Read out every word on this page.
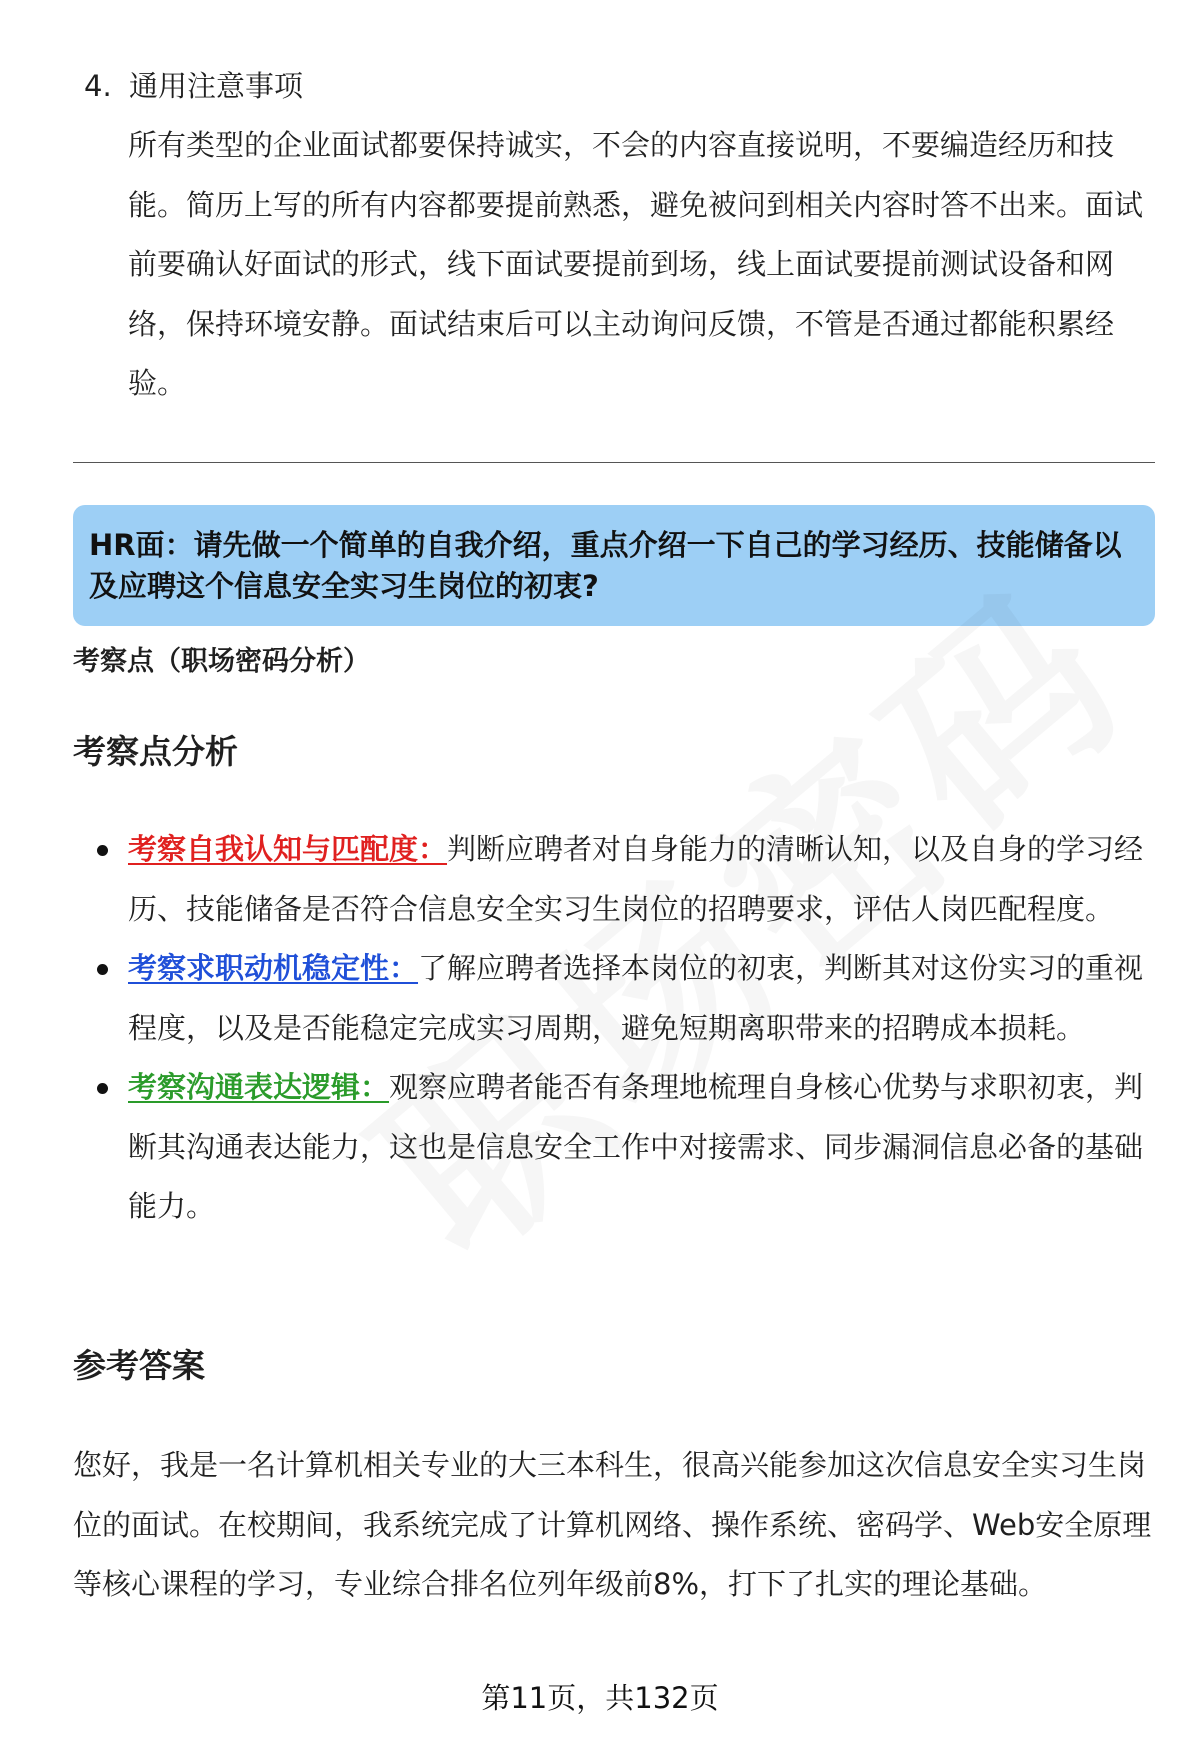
4. 通用注意事项

所有类型的企业面试都要保持诚实，不会的内容直接说明，不要编造经历和技能。简历上写的所有内容都要提前熟悉，避免被问到相关内容时答不出来。面试前要确认好面试的形式，线下面试要提前到场，线上面试要提前测试设备和网络，保持环境安静。面试结束后可以主动询问反馈，不管是否通过都能积累经验。

HR面：请先做一个简单的自我介绍，重点介绍一下自己的学习经历、技能储备以及应聘这个信息安全实习生岗位的初衷?
考察点（职场密码分析）
考察点分析
考察自我认知与匹配度：判断应聘者对自身能力的清晰认知，以及自身的学习经历、技能储备是否符合信息安全实习生岗位的招聘要求，评估人岗匹配程度。
考察求职动机稳定性：了解应聘者选择本岗位的初衷，判断其对这份实习的重视程度，以及是否能稳定完成实习周期，避免短期离职带来的招聘成本损耗。
考察沟通表达逻辑：观察应聘者能否有条理地梳理自身核心优势与求职初衷，判断其沟通表达能力，这也是信息安全工作中对接需求、同步漏洞信息必备的基础能力。
参考答案

您好，我是一名计算机相关专业的大三本科生，很高兴能参加这次信息安全实习生岗位的面试。在校期间，我系统完成了计算机网络、操作系统、密码学、Web安全原理等核心课程的学习，专业综合排名位列年级前8%，打下了扎实的理论基础。

第11页，共132页
